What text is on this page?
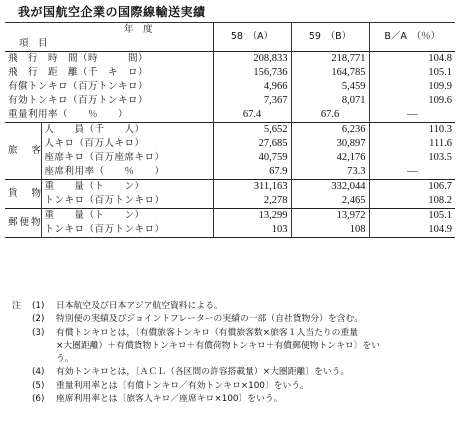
我が国航空企業の国際線輸送実績
年　度		58　（A）	59　（B）	B／A　（％）
項　目				
飛　行　時　間（時　　　間）		208,833	218,771	104.8
飛　行　距　離（千　キ　ロ）		156,736	164,785	105.1
有償トンキロ（百万トンキロ）		4,966	5,459	109.9
有効トンキロ（百万トンキロ）		7,367	8,071	109.6
重量利用率（　　％　　）		67.4	67.6	―
旅客	人　　員（千　　人）	5,652	6,236	110.3
	人キロ（百万人キロ）	27,685	30,897	111.6
	座席キロ（百万座席キロ）	40,759	42,176	103.5
	座席利用率（　　％　　）	67.9	73.3	―
貨物	重　　量（ト　　ン）	311,163	332,044	106.7
	トンキロ（百万トンキロ）	2,278	2,465	108.2
郵便物	重　　量（ト　　ン）	13,299	13,972	105.1
	トンキロ（百万トンキロ）	103	108	104.9
注	(1)	日本航空及び日本アジア航空資料による。
(2)	特別便の実績及びジョイントフレーターの実績の一部（自社貨物分）を含む。
(3)	有償トンキロとは，〔有償旅客トンキロ（有償旅客数×旅客１人当たりの重量
×大圏距離）＋有償貨物トンキロ＋有償荷物トンキロ＋有償郵便物トンキロ〕をい
う。
(4)	有効トンキロとは，〔ＡＣＬ（各区間の許容搭載量）×大圏距離〕をいう。
(5)	重量利用率とは〔有償トンキロ／有効トンキロ×100〕をいう。
(6)	座席利用率とは〔旅客人キロ／座席キロ×100〕をいう。
